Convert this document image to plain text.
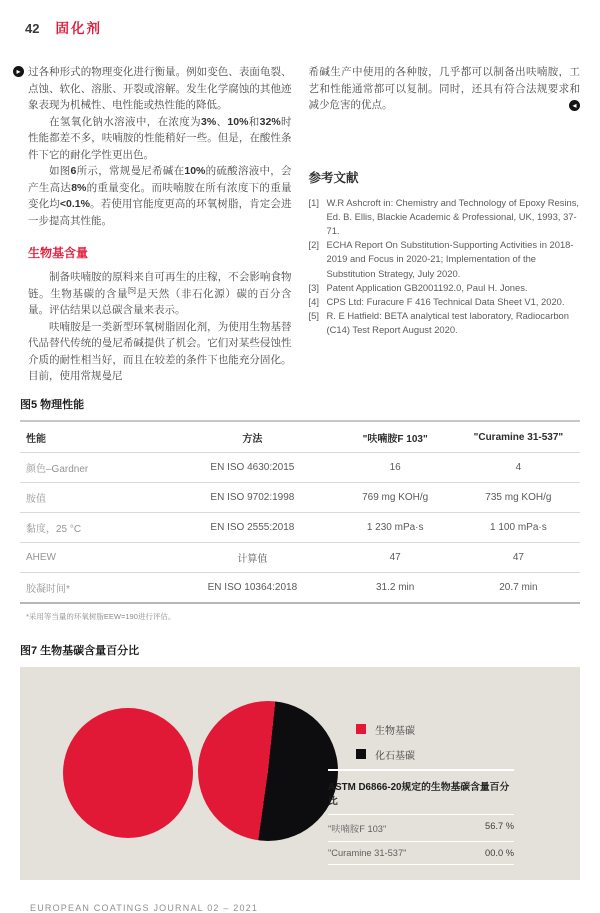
42 固化剂

▸ 过各种形式的物理变化进行衡量。例如变色、表面龟裂、点蚀、软化、溶胀、开裂或溶解。发生化学腐蚀的其他迹象表现为机械性、电性能或热性能的降低。

在氢氧化钠水溶液中，在浓度为3%、10%和32%时性能都差不多，呋喃胺的性能稍好一些。但是，在酸性条件下它的耐化学性更出色。

如图6所示，常规曼尼希碱在10%的硫酸溶液中，会产生高达8%的重量变化。而呋喃胺在所有浓度下的重量变化均<0.1%。若使用官能度更高的环氧树脂，肯定会进一步提高其性能。

生物基含量

制备呋喃胺的原料来自可再生的庄稼，不会影响食物链。生物基碳的含量[5]是天然（非石化源）碳的百分含量。评估结果以总碳含量来表示。

呋喃胺是一类新型环氧树脂固化剂，为使用生物基替代品替代传统的曼尼希碱提供了机会。它们对某些侵蚀性介质的耐性相当好，而且在较差的条件下也能充分固化。目前，使用常规曼尼

希碱生产中使用的各种胺，几乎都可以制备出呋喃胺，工艺和性能通常都可以复制。同时，还具有符合法规要求和减少危害的优点。	◂

参考文献
[1] W.R Ashcroft in: Chemistry and Technology of Epoxy Resins, Ed. B. Ellis, Blackie Academic & Professional, UK, 1993, 37-71.
[2] ECHA Report On Substitution-Supporting Activities in 2018-2019 and Focus in 2020-21; Implementation of the Substitution Strategy, July 2020.
[3] Patent Application GB2001192.0, Paul H. Jones.
[4] CPS Ltd: Furacure F 416 Technical Data Sheet V1, 2020.
[5] R. E Hatfield: BETA analytical test laboratory, Radiocarbon (C14) Test Report August 2020.
图5 物理性能
性能	方法	"呋喃胺F 103"	"Curamine 31-537"
颜色–Gardner	EN ISO 4630:2015	16	4
胺值	EN ISO 9702:1998	769 mg KOH/g	735 mg KOH/g
黏度，25 °C	EN ISO 2555:2018	1 230 mPa·s	1 100 mPa·s
AHEW	计算值	47	47
胶凝时间*	EN ISO 10364:2018	31.2 min	20.7 min
*采用等当量的环氧树脂EEW=190进行评估。
图7 生物基碳含量百分比
生物基碳
化石基碳
ASTM D6866-20规定的生物基碳含量百分比
"呋喃胺F 103"	56.7 %
"Curamine 31-537"	00.0 %
EUROPEAN COATINGS JOURNAL 02 – 2021
